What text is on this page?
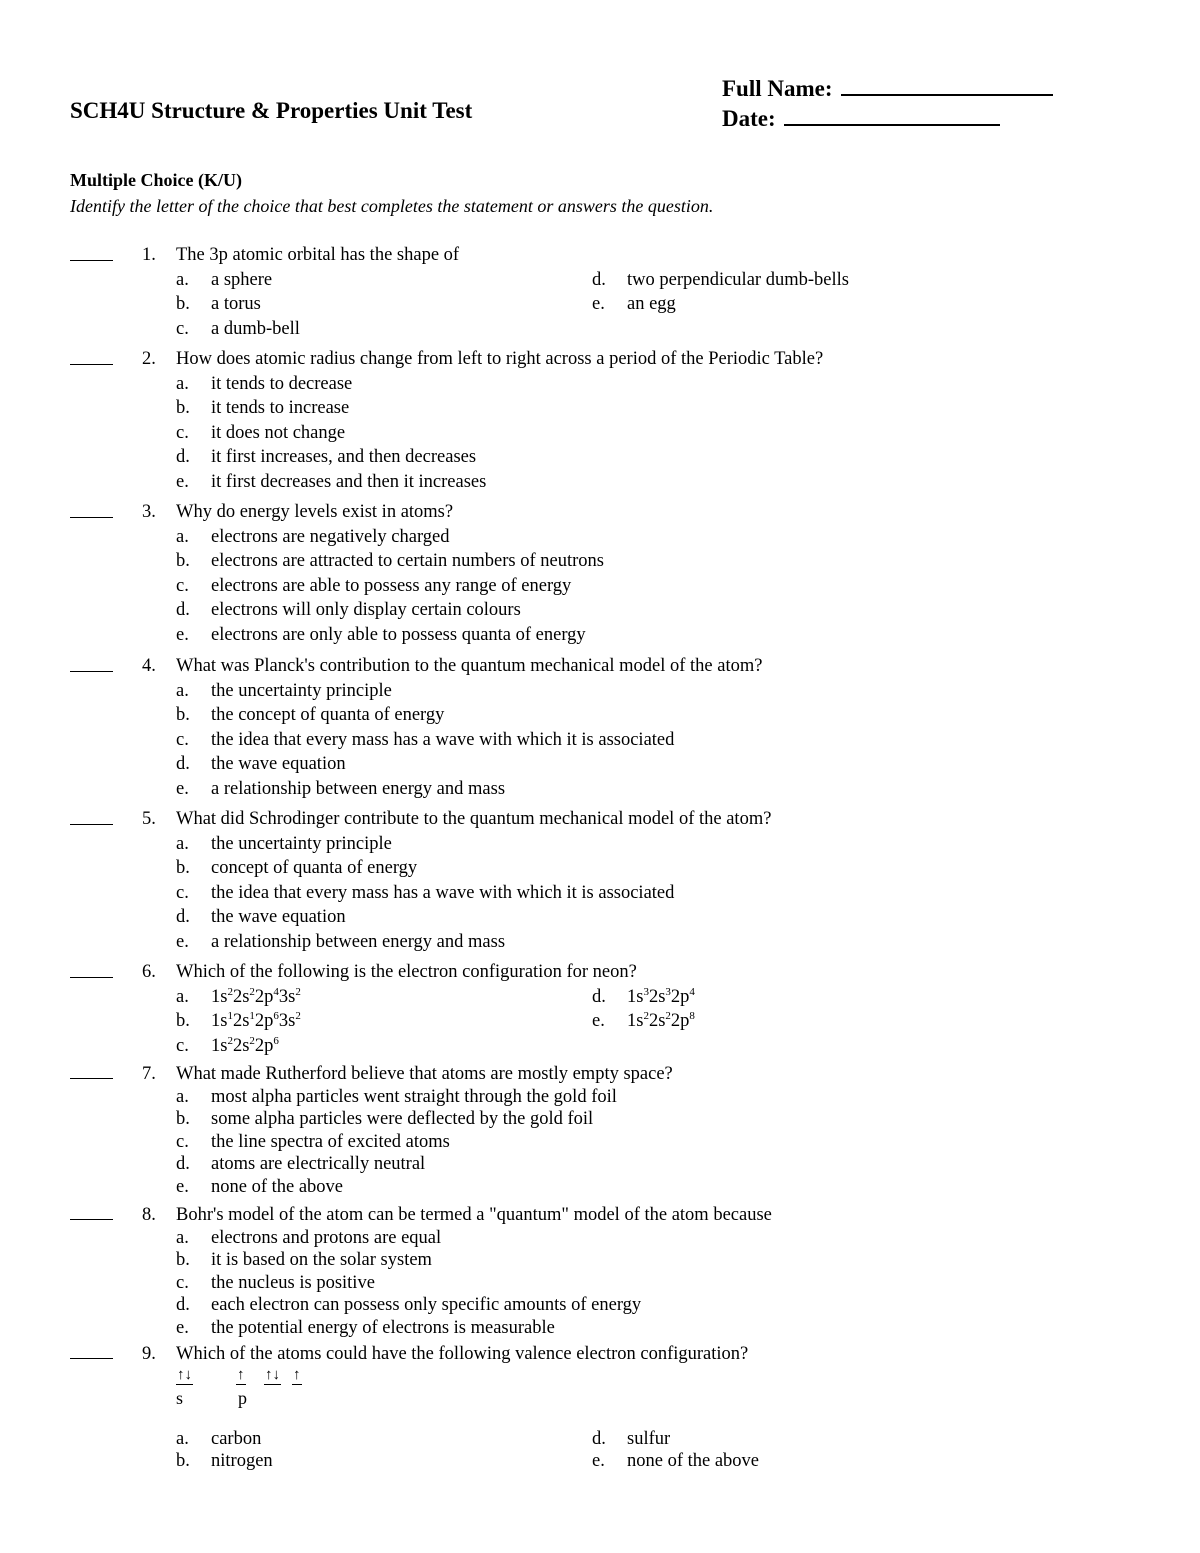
SCH4U Structure & Properties Unit Test
Full Name:
Date:
Multiple Choice (K/U)
Identify the letter of the choice that best completes the statement or answers the question.
1. The 3p atomic orbital has the shape of
a. a sphere
b. a torus
c. a dumb-bell
d. two perpendicular dumb-bells
e. an egg
2. How does atomic radius change from left to right across a period of the Periodic Table?
a. it tends to decrease
b. it tends to increase
c. it does not change
d. it first increases, and then decreases
e. it first decreases and then it increases
3. Why do energy levels exist in atoms?
a. electrons are negatively charged
b. electrons are attracted to certain numbers of neutrons
c. electrons are able to possess any range of energy
d. electrons will only display certain colours
e. electrons are only able to possess quanta of energy
4. What was Planck's contribution to the quantum mechanical model of the atom?
a. the uncertainty principle
b. the concept of quanta of energy
c. the idea that every mass has a wave with which it is associated
d. the wave equation
e. a relationship between energy and mass
5. What did Schrodinger contribute to the quantum mechanical model of the atom?
a. the uncertainty principle
b. concept of quanta of energy
c. the idea that every mass has a wave with which it is associated
d. the wave equation
e. a relationship between energy and mass
6. Which of the following is the electron configuration for neon?
a. $1s^22s^22p^43s^2$
b. $1s^12s^12p^63s^2$
c. $1s^22s^22p^6$
d. $1s^32s^32p^4$
e. $1s^22s^22p^8$
7. What made Rutherford believe that atoms are mostly empty space?
a. most alpha particles went straight through the gold foil
b. some alpha particles were deflected by the gold foil
c. the line spectra of excited atoms
d. atoms are electrically neutral
e. none of the above
8. Bohr's model of the atom can be termed a "quantum" model of the atom because
a. electrons and protons are equal
b. it is based on the solar system
c. the nucleus is positive
d. each electron can possess only specific amounts of energy
e. the potential energy of electrons is measurable
9. Which of the atoms could have the following valence electron configuration?
↑↓	↑ ↑↓ ↑
s	p
a. carbon
b. nitrogen
d. sulfur
e. none of the above
